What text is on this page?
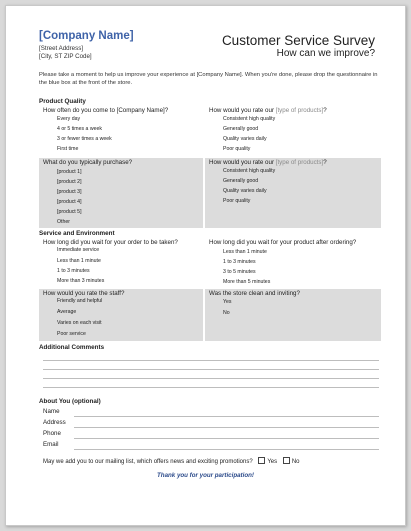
[Company Name]
[Street Address]
[City, ST ZIP Code]
Customer Service Survey
How can we improve?
Please take a moment to help us improve your experience at [Company Name]. When you're done, please drop the questionnaire in the blue box at the front of the store.
Product Quality
How often do you come to [Company Name]?
Every day
4 or 5 times a week
3 or fewer times a week
First time
How would you rate our [type of products]?
Consistent high quality
Generally good
Quality varies daily
Poor quality
What do you typically purchase?
[product 1]
[product 2]
[product 3]
[product 4]
[product 5]
Other
How would you rate our [type of products]?
Consistent high quality
Generally good
Quality varies daily
Poor quality
Service and Environment
How long did you wait for your order to be taken?
Immediate service
Less than 1 minute
1 to 3 minutes
More than 3 minutes
How long did you wait for your product after ordering?
Less than 1 minute
1 to 3 minutes
3 to 5 minutes
More than 5 minutes
How would you rate the staff?
Friendly and helpful
Average
Varies on each visit
Poor service
Was the store clean and inviting?
Yes
No
Additional Comments
About You (optional)
Name
Address
Phone
Email
May we add you to our mailing list, which offers news and exciting promotions? Yes No
Thank you for your participation!
